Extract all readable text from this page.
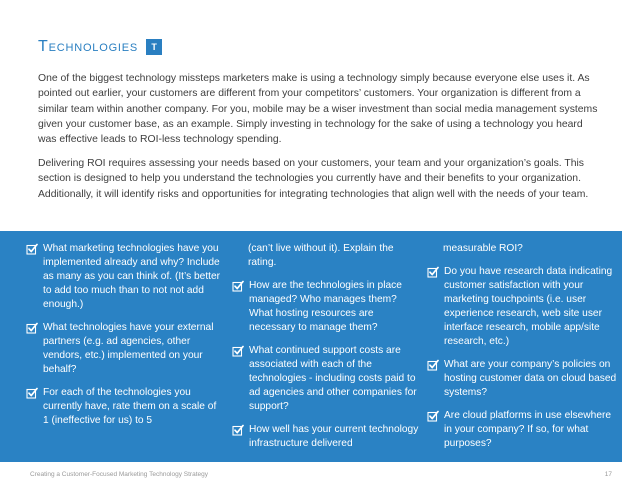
Technologies	T

One of the biggest technology missteps marketers make is using a technology simply because everyone else uses it. As pointed out earlier, your customers are different from your competitors’ customers. Your organization is different from a similar team within another company. For you, mobile may be a wiser investment than social media management systems given your customer base, as an example. Simply investing in technology for the sake of using a technology you heard was effective leads to ROI-less technology spending.

Delivering ROI requires assessing your needs based on your customers, your team and your organization’s goals. This section is designed to help you understand the technologies you currently have and their benefits to your organization. Additionally, it will identify risks and opportunities for integrating technologies that align well with the needs of your team.

What marketing technologies have you implemented already and why? Include as many as you can think of. (It’s better to add too much than to not not add enough.)
What technologies have your external partners (e.g. ad agencies, other vendors, etc.) implemented on your behalf?
For each of the technologies you currently have, rate them on a scale of 1 (ineffective for us) to 5
(can’t live without it). Explain the rating.
How are the technologies in place managed? Who manages them? What hosting resources are necessary to manage them?
What continued support costs are associated with each of the technologies - including costs paid to ad agencies and other companies for support?
How well has your current technology infrastructure delivered
measurable ROI?
Do you have research data indicating customer satisfaction with your marketing touchpoints (i.e. user experience research, web site user interface research, mobile app/site research, etc.)
What are your company’s policies on hosting customer data on cloud based systems?
Are cloud platforms in use elsewhere in your company? If so, for what purposes?
Creating a Customer-Focused Marketing Technology Strategy	17
